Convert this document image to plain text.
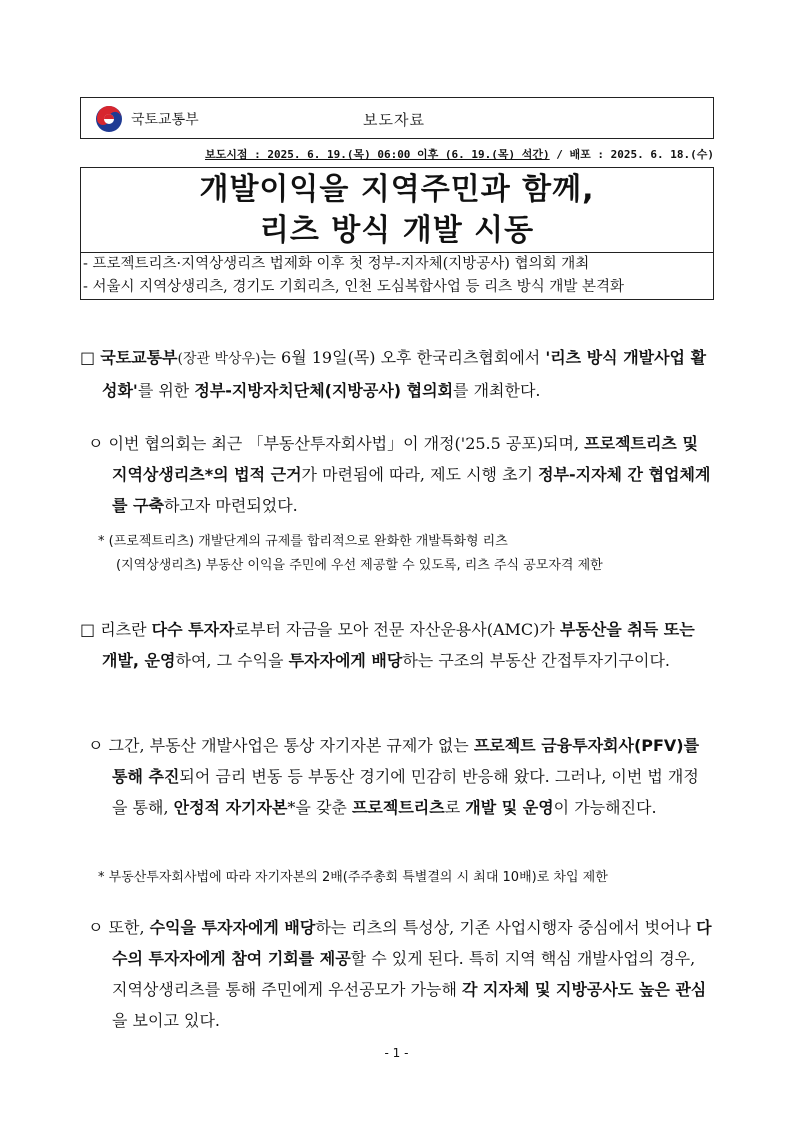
국토교통부	보도자료
보도시점 : 2025. 6. 19.(목) 06:00 이후 (6. 19.(목) 석간) / 배포 : 2025. 6. 18.(수)
개발이익을 지역주민과 함께,
리츠 방식 개발 시동
- 프로젝트리츠·지역상생리츠 법제화 이후 첫 정부-지자체(지방공사) 협의회 개최
- 서울시 지역상생리츠, 경기도 기회리츠, 인천 도심복합사업 등 리츠 방식 개발 본격화
□ 국토교통부(장관 박상우)는 6월 19일(목) 오후 한국리츠협회에서 '리츠 방식 개발사업 활성화'를 위한 정부-지방자치단체(지방공사) 협의회를 개최한다.
ㅇ 이번 협의회는 최근 「부동산투자회사법」이 개정('25.5 공포)되며, 프로젝트리츠 및 지역상생리츠*의 법적 근거가 마련됨에 따라, 제도 시행 초기 정부-지자체 간 협업체계를 구축하고자 마련되었다.
* (프로젝트리츠) 개발단계의 규제를 합리적으로 완화한 개발특화형 리츠
(지역상생리츠) 부동산 이익을 주민에 우선 제공할 수 있도록, 리츠 주식 공모자격 제한
□ 리츠란 다수 투자자로부터 자금을 모아 전문 자산운용사(AMC)가 부동산을 취득 또는 개발, 운영하여, 그 수익을 투자자에게 배당하는 구조의 부동산 간접투자기구이다.
ㅇ 그간, 부동산 개발사업은 통상 자기자본 규제가 없는 프로젝트 금융투자회사(PFV)를 통해 추진되어 금리 변동 등 부동산 경기에 민감히 반응해 왔다. 그러나, 이번 법 개정을 통해, 안정적 자기자본*을 갖춘 프로젝트리츠로 개발 및 운영이 가능해진다.
* 부동산투자회사법에 따라 자기자본의 2배(주주총회 특별결의 시 최대 10배)로 차입 제한
ㅇ 또한, 수익을 투자자에게 배당하는 리츠의 특성상, 기존 사업시행자 중심에서 벗어나 다수의 투자자에게 참여 기회를 제공할 수 있게 된다. 특히 지역 핵심 개발사업의 경우, 지역상생리츠를 통해 주민에게 우선공모가 가능해 각 지자체 및 지방공사도 높은 관심을 보이고 있다.
- 1 -
